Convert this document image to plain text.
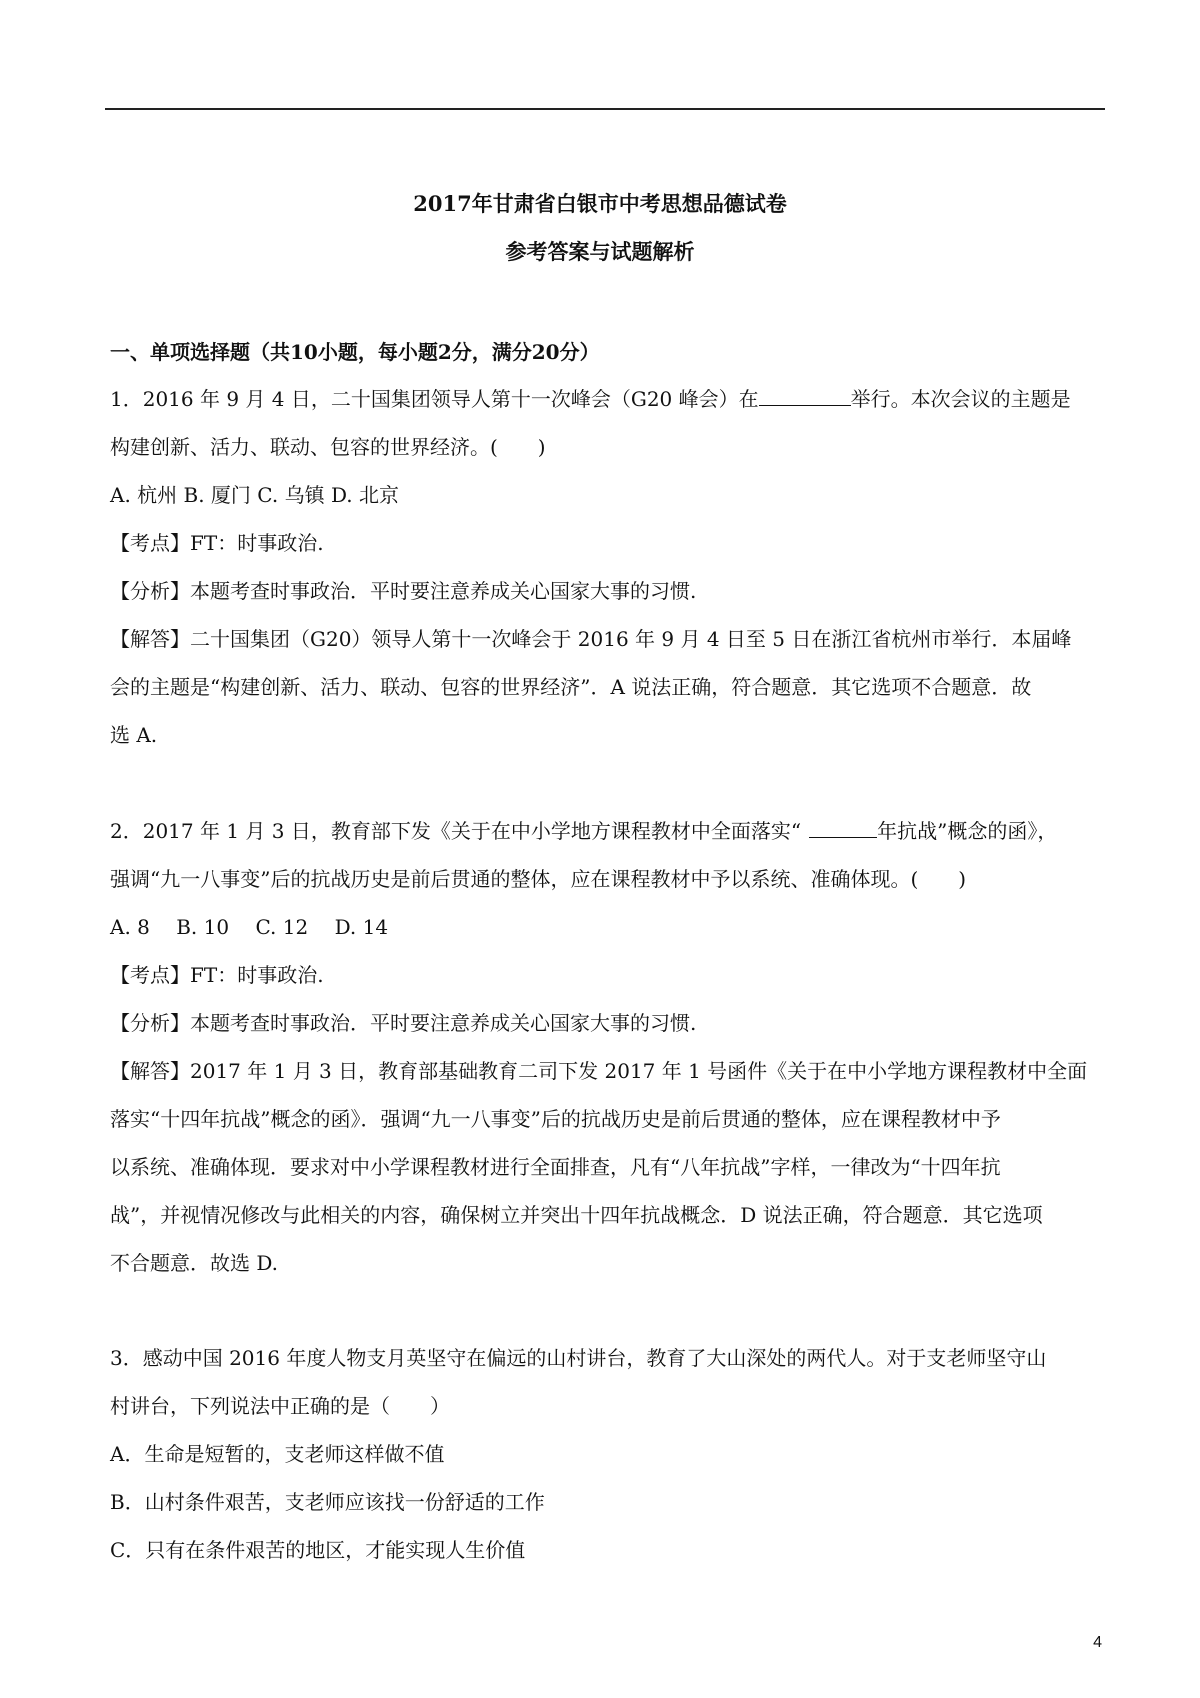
2017年甘肃省白银市中考思想品德试卷
参考答案与试题解析
一、单项选择题（共10小题，每小题2分，满分20分）
1．2016 年 9 月 4 日，二十国集团领导人第十一次峰会（G20 峰会）在	举行。本次会议的主题是
构建创新、活力、联动、包容的世界经济。(　　)
A. 杭州 B. 厦门 C. 乌镇 D. 北京
【考点】FT：时事政治.
【分析】本题考查时事政治．平时要注意养成关心国家大事的习惯.
【解答】二十国集团（G20）领导人第十一次峰会于 2016 年 9 月 4 日至 5 日在浙江省杭州市举行．本届峰
会的主题是“构建创新、活力、联动、包容的世界经济”．A 说法正确，符合题意．其它选项不合题意．故
选 A.
2．2017 年 1 月 3 日，教育部下发《关于在中小学地方课程教材中全面落实“	年抗战”概念的函》，
强调“九一八事变”后的抗战历史是前后贯通的整体，应在课程教材中予以系统、准确体现。(　　)
A. 8　 B. 10　 C. 12　 D. 14
【考点】FT：时事政治.
【分析】本题考查时事政治．平时要注意养成关心国家大事的习惯.
【解答】2017 年 1 月 3 日，教育部基础教育二司下发 2017 年 1 号函件《关于在中小学地方课程教材中全面
落实“十四年抗战”概念的函》．强调“九一八事变”后的抗战历史是前后贯通的整体，应在课程教材中予
以系统、准确体现．要求对中小学课程教材进行全面排查，凡有“八年抗战”字样，一律改为“十四年抗
战”，并视情况修改与此相关的内容，确保树立并突出十四年抗战概念．D 说法正确，符合题意．其它选项
不合题意．故选 D.
3．感动中国 2016 年度人物支月英坚守在偏远的山村讲台，教育了大山深处的两代人。对于支老师坚守山
村讲台，下列说法中正确的是（　　）
A．生命是短暂的，支老师这样做不值
B．山村条件艰苦，支老师应该找一份舒适的工作
C．只有在条件艰苦的地区，才能实现人生价值
4
